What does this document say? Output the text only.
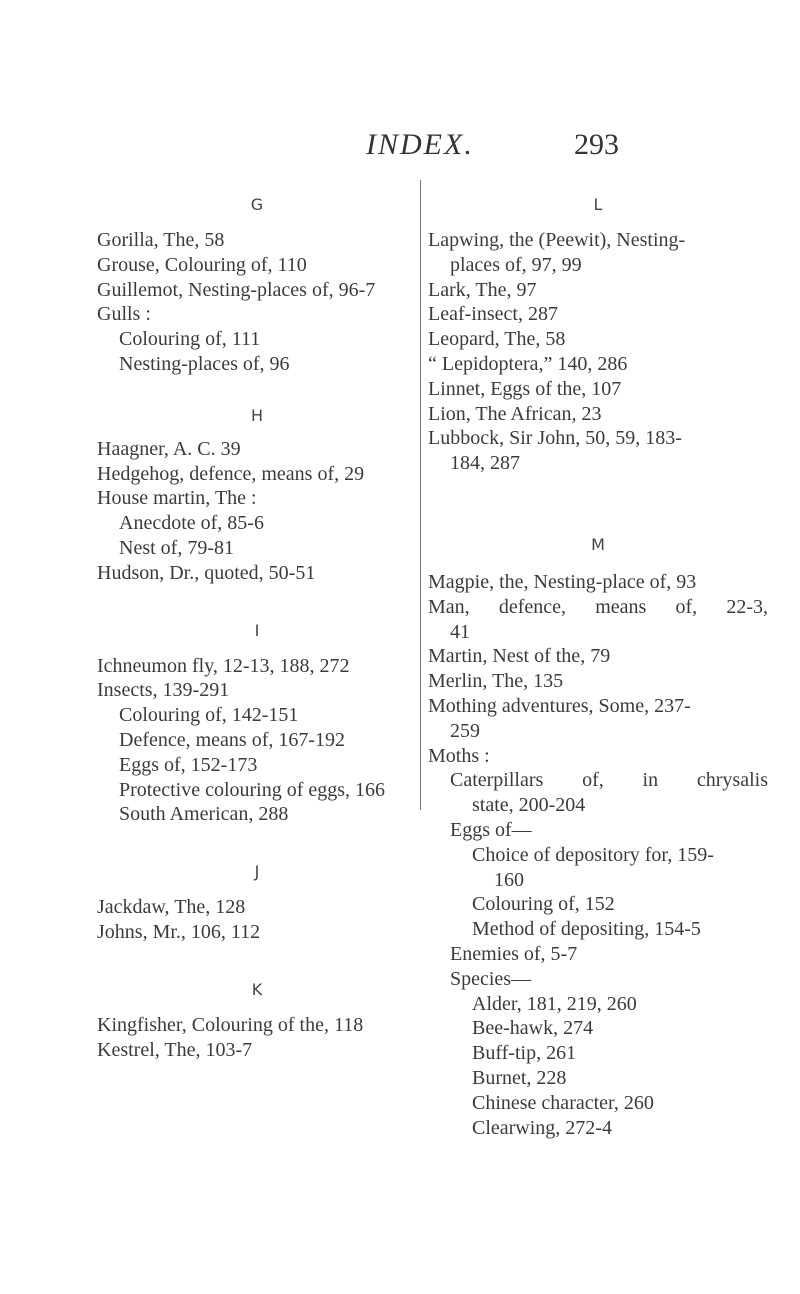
INDEX.	293
G
Gorilla, The, 58
Grouse, Colouring of, 110
Guillemot, Nesting-places of, 96-7
Gulls :
Colouring of, 111
Nesting-places of, 96
H
Haagner, A. C. 39
Hedgehog, defence, means of, 29
House martin, The :
Anecdote of, 85-6
Nest of, 79-81
Hudson, Dr., quoted, 50-51
I
Ichneumon fly, 12-13, 188, 272
Insects, 139-291
Colouring of, 142-151
Defence, means of, 167-192
Eggs of, 152-173
Protective colouring of eggs, 166
South American, 288
J
Jackdaw, The, 128
Johns, Mr., 106, 112
K
Kingfisher, Colouring of the, 118
Kestrel, The, 103-7
L
Lapwing, the (Peewit), Nesting-
places of, 97, 99
Lark, The, 97
Leaf-insect, 287
Leopard, The, 58
“ Lepidoptera,” 140, 286
Linnet, Eggs of the, 107
Lion, The African, 23
Lubbock, Sir John, 50, 59, 183-
184, 287
M
Magpie, the, Nesting-place of, 93
Man, defence, means of, 22-3,
41
Martin, Nest of the, 79
Merlin, The, 135
Mothing adventures, Some, 237-
259
Moths :
Caterpillars of, in chrysalis
state, 200-204
Eggs of—
Choice of depository for, 159-
160
Colouring of, 152
Method of depositing, 154-5
Enemies of, 5-7
Species—
Alder, 181, 219, 260
Bee-hawk, 274
Buff-tip, 261
Burnet, 228
Chinese character, 260
Clearwing, 272-4
